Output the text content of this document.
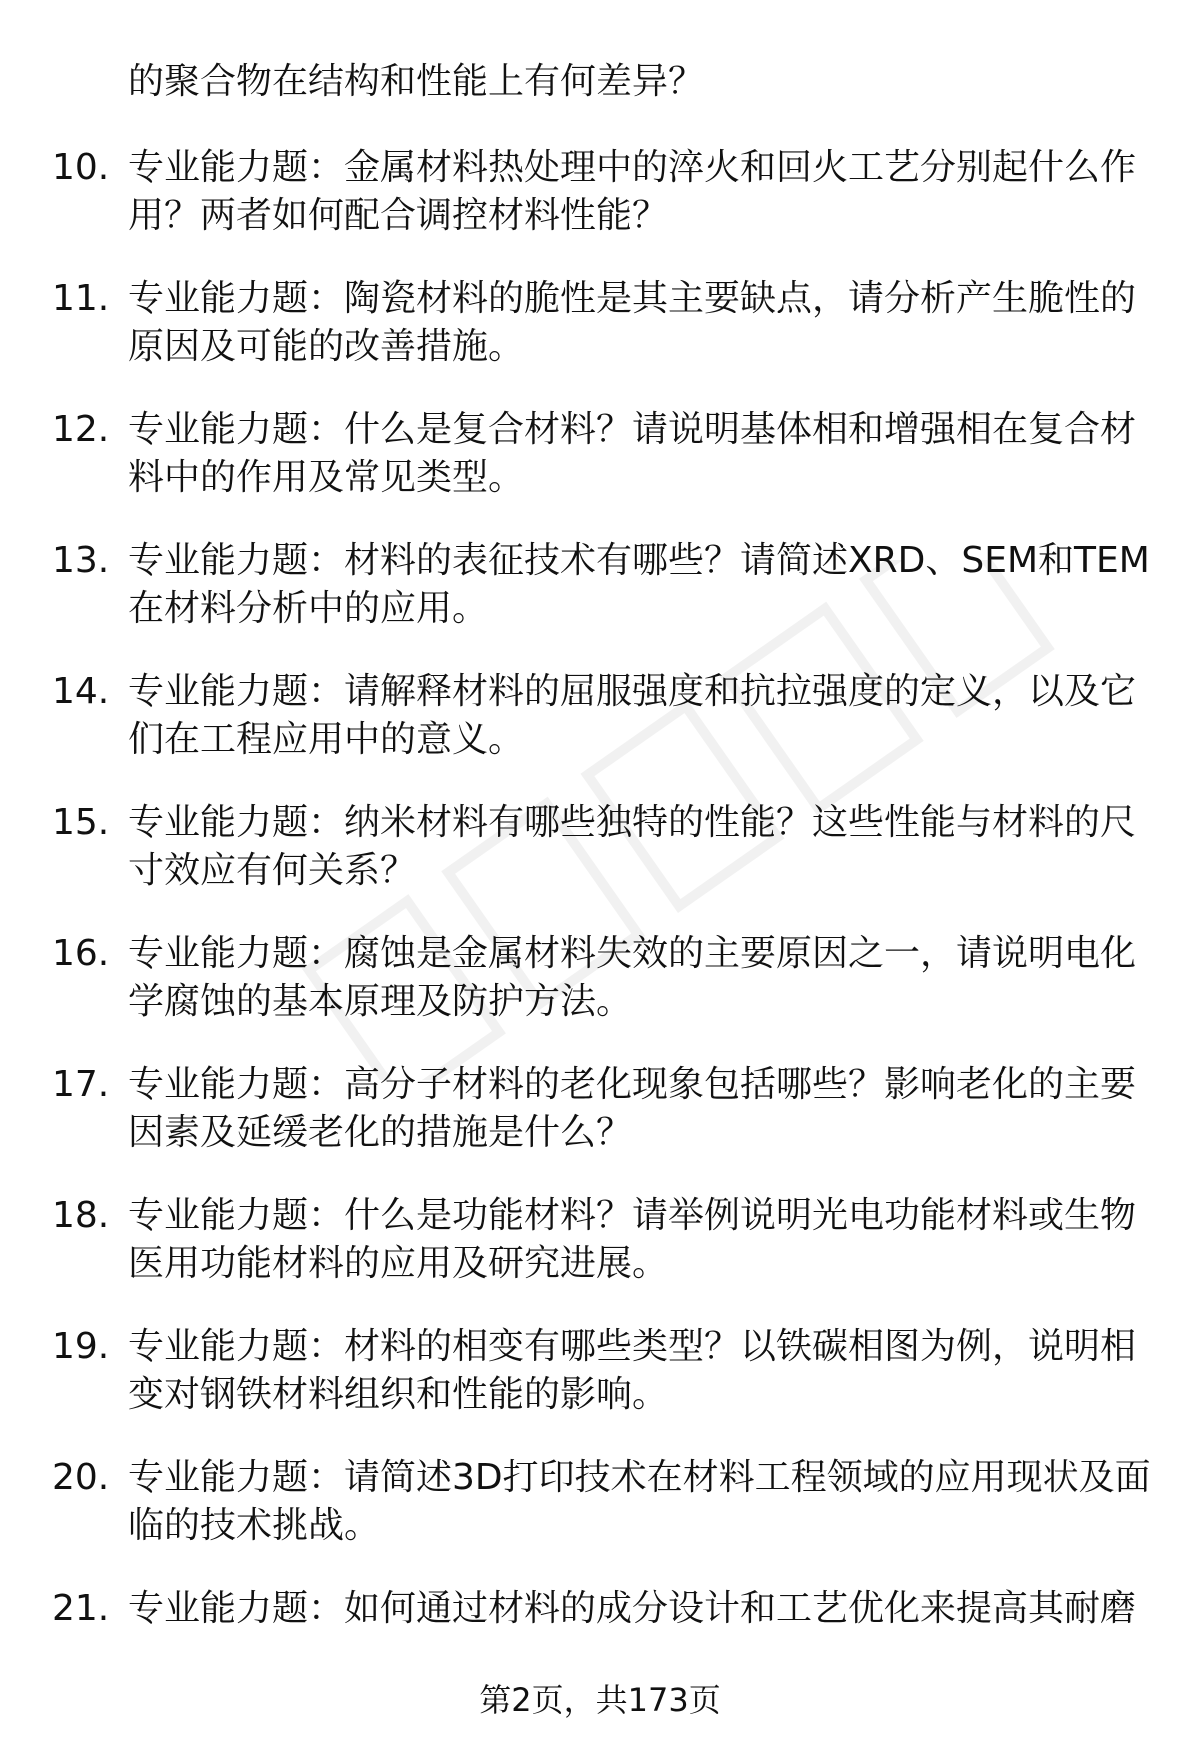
的聚合物在结构和性能上有何差异？
10. 专业能力题：金属材料热处理中的淬火和回火工艺分别起什么作
用？两者如何配合调控材料性能？
11. 专业能力题：陶瓷材料的脆性是其主要缺点，请分析产生脆性的
原因及可能的改善措施。
12. 专业能力题：什么是复合材料？请说明基体相和增强相在复合材
料中的作用及常见类型。
13. 专业能力题：材料的表征技术有哪些？请简述XRD、SEM和TEM
在材料分析中的应用。
14. 专业能力题：请解释材料的屈服强度和抗拉强度的定义，以及它
们在工程应用中的意义。
15. 专业能力题：纳米材料有哪些独特的性能？这些性能与材料的尺
寸效应有何关系？
16. 专业能力题：腐蚀是金属材料失效的主要原因之一，请说明电化
学腐蚀的基本原理及防护方法。
17. 专业能力题：高分子材料的老化现象包括哪些？影响老化的主要
因素及延缓老化的措施是什么？
18. 专业能力题：什么是功能材料？请举例说明光电功能材料或生物
医用功能材料的应用及研究进展。
19. 专业能力题：材料的相变有哪些类型？以铁碳相图为例，说明相
变对钢铁材料组织和性能的影响。
20. 专业能力题：请简述3D打印技术在材料工程领域的应用现状及面
临的技术挑战。
21. 专业能力题：如何通过材料的成分设计和工艺优化来提高其耐磨
第2页，共173页
